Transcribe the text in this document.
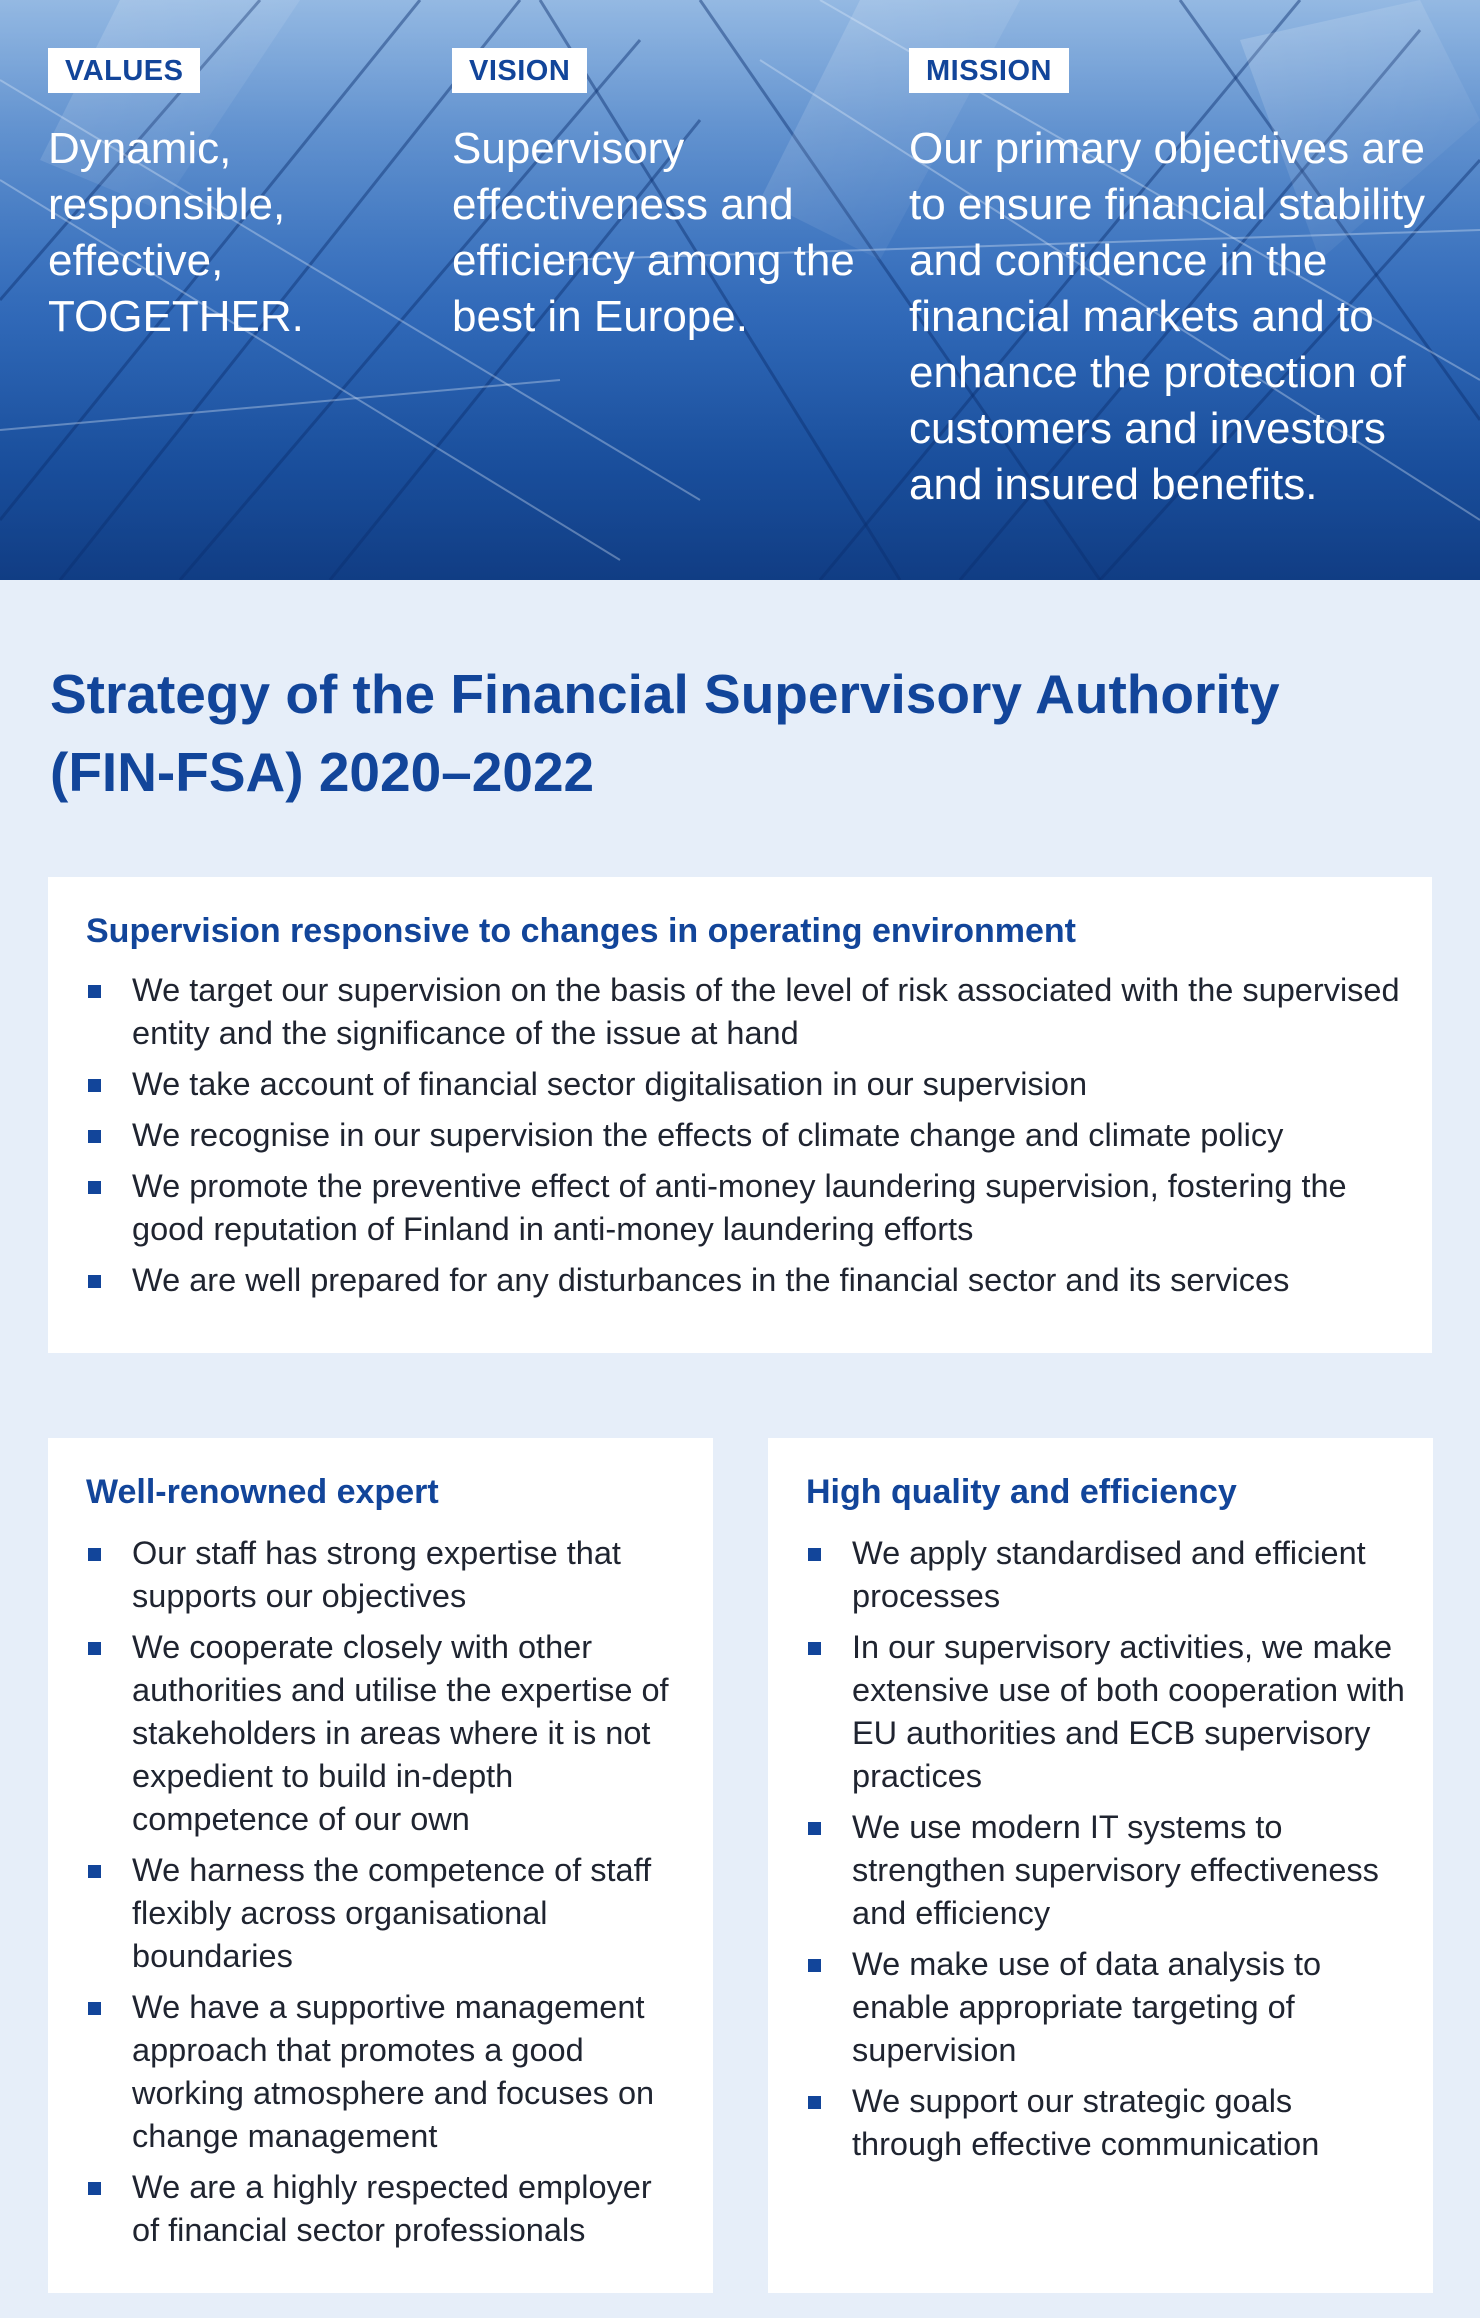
VALUES

Dynamic, responsible, effective, TOGETHER.

VISION

Supervisory effectiveness and efficiency among the best in Europe.

MISSION

Our primary objectives are to ensure financial stability and confidence in the financial markets and to enhance the protection of customers and investors and insured benefits.

Strategy of the Financial Supervisory Authority
(FIN-FSA) 2020–2022
Supervision responsive to changes in operating environment
We target our supervision on the basis of the level of risk associated with the supervised entity and the significance of the issue at hand
We take account of financial sector digitalisation in our supervision
We recognise in our supervision the effects of climate change and climate policy
We promote the preventive effect of anti-money laundering supervision, fostering the good reputation of Finland in anti-money laundering efforts
We are well prepared for any disturbances in the financial sector and its services
Well-renowned expert
Our staff has strong expertise that supports our objectives
We cooperate closely with other authorities and utilise the expertise of stakeholders in areas where it is not expedient to build in-depth competence of our own
We harness the competence of staff flexibly across organisational boundaries
We have a supportive management approach that promotes a good working atmosphere and focuses on change management
We are a highly respected employer of financial sector professionals
High quality and efficiency
We apply standardised and efficient processes
In our supervisory activities, we make extensive use of both cooperation with EU authorities and ECB supervisory practices
We use modern IT systems to strengthen supervisory effectiveness and efficiency
We make use of data analysis to enable appropriate targeting of supervision
We support our strategic goals through effective communication
